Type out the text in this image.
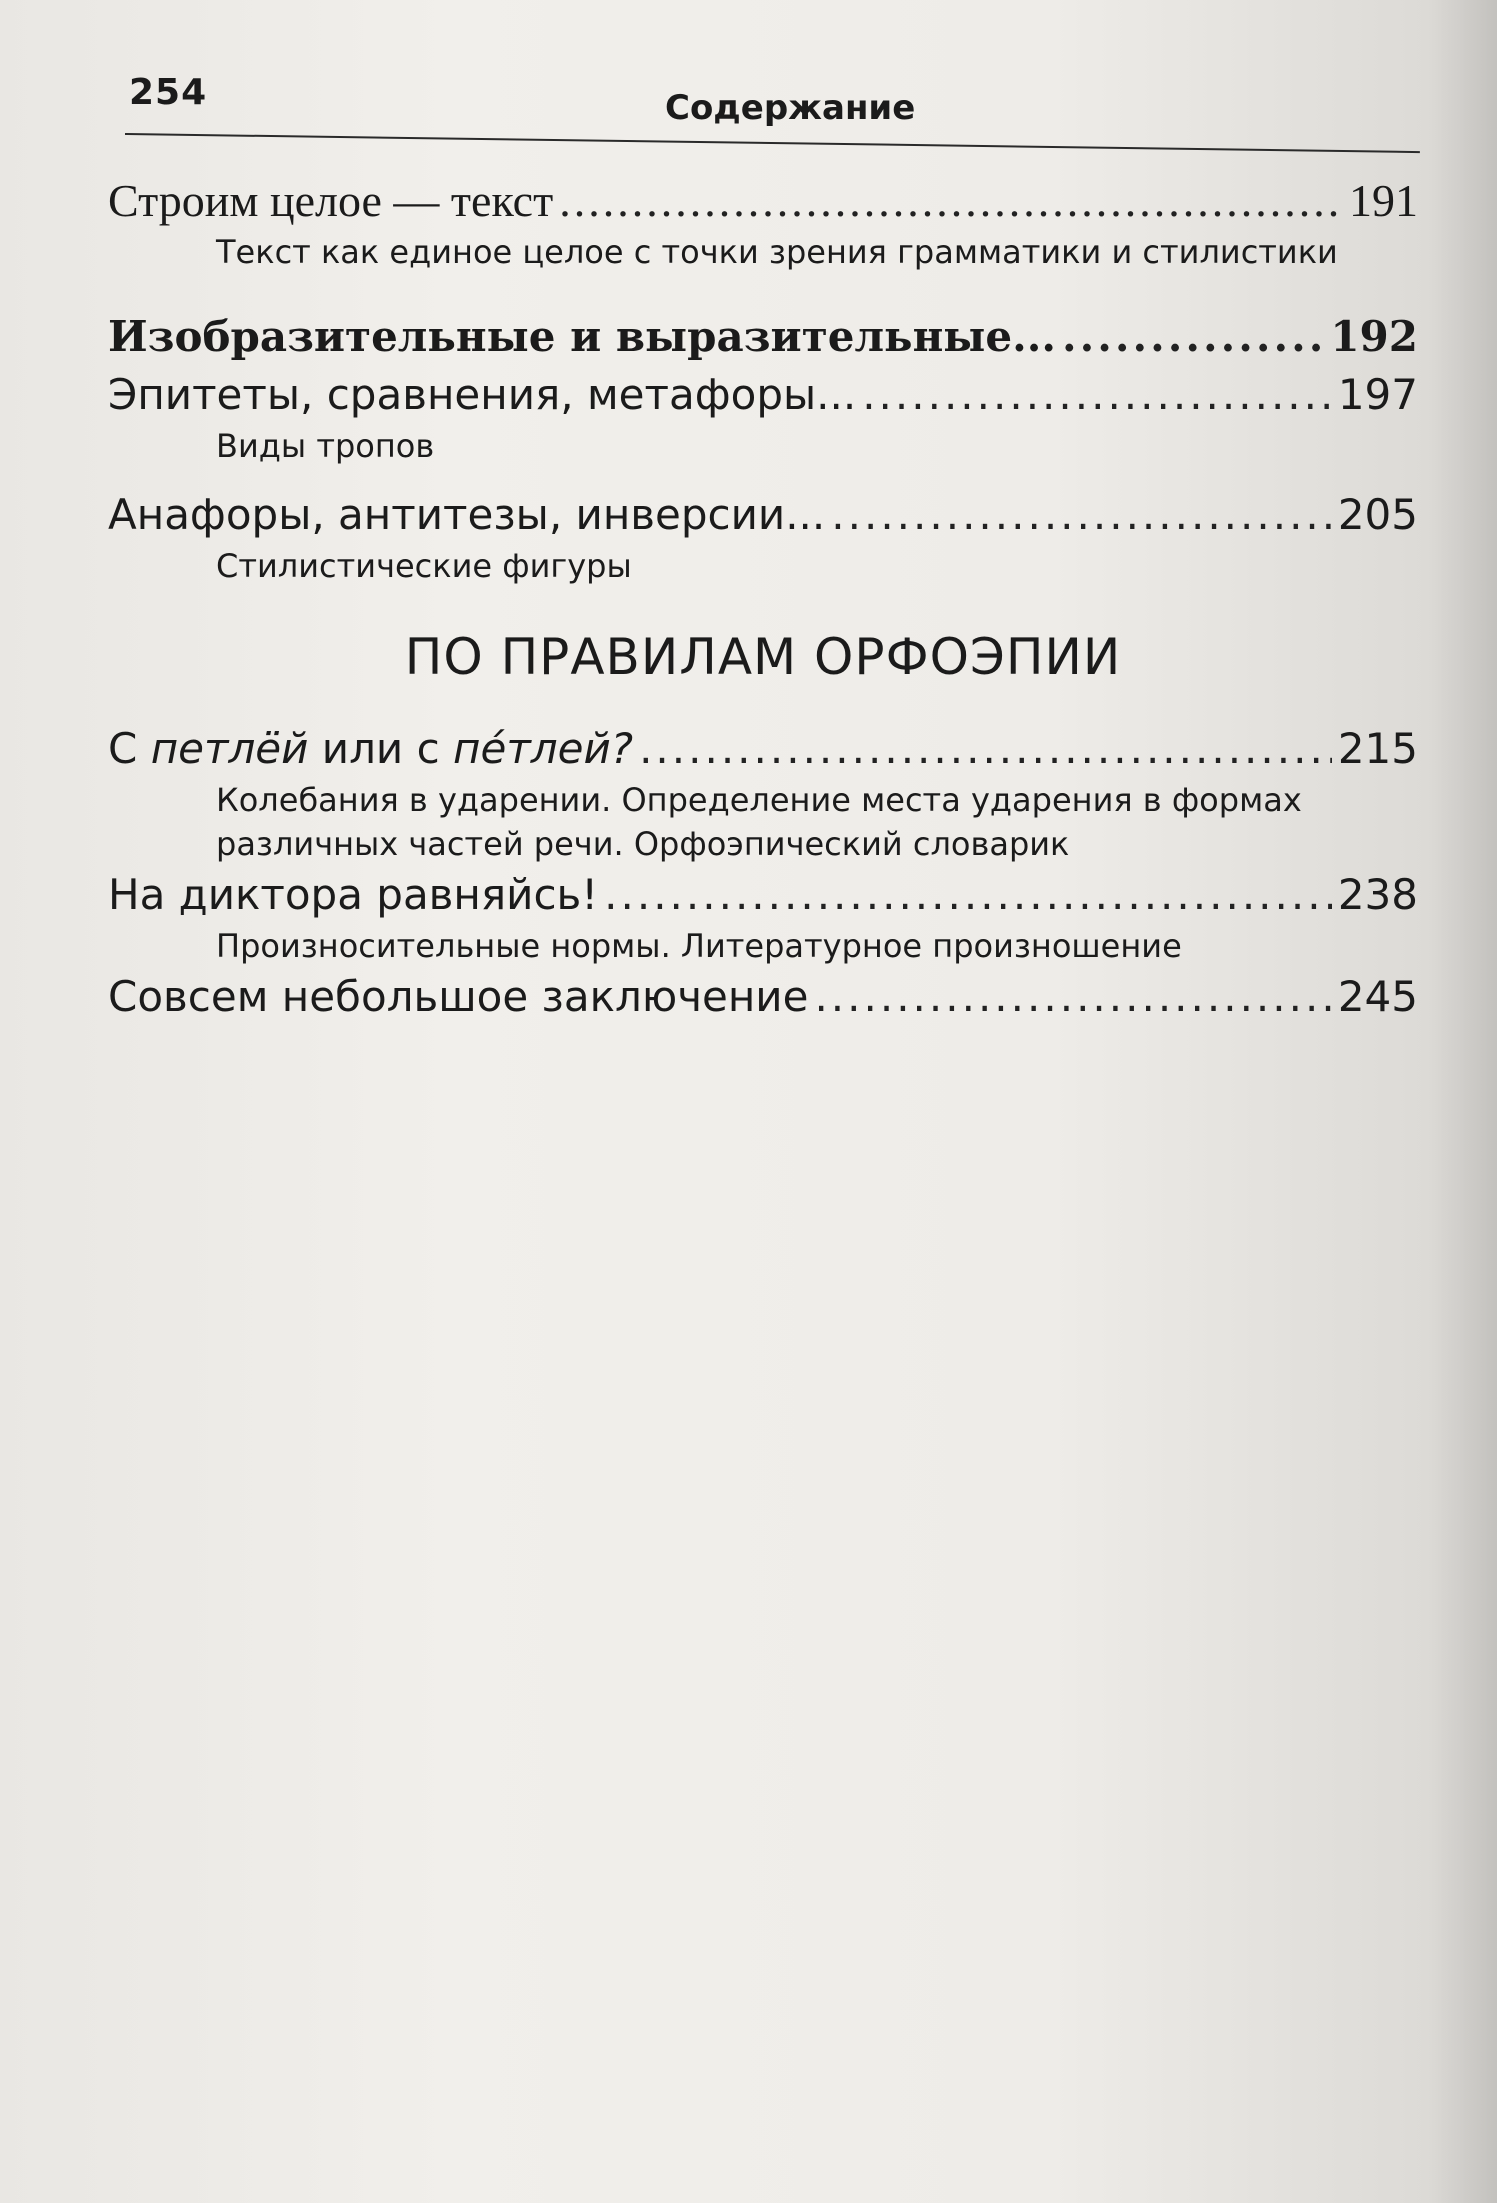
254	Содержание
Строим целое — текст .....	191
Текст как единое целое с точки зрения грамматики и стилистики
Изобразительные и выразительные... .....	192
Эпитеты, сравнения, метафоры... .....	197
Виды тропов
Анафоры, антитезы, инверсии... .....	205
Стилистические фигуры
ПО ПРАВИЛАМ ОРФОЭПИИ
С петлёй или с пéтлей? .....	215
Колебания в ударении. Определение места ударения в формах различных частей речи. Орфоэпический словарик
На диктора равняйсь! .....	238
Произносительные нормы. Литературное произношение
Совсем небольшое заключение .....	245
